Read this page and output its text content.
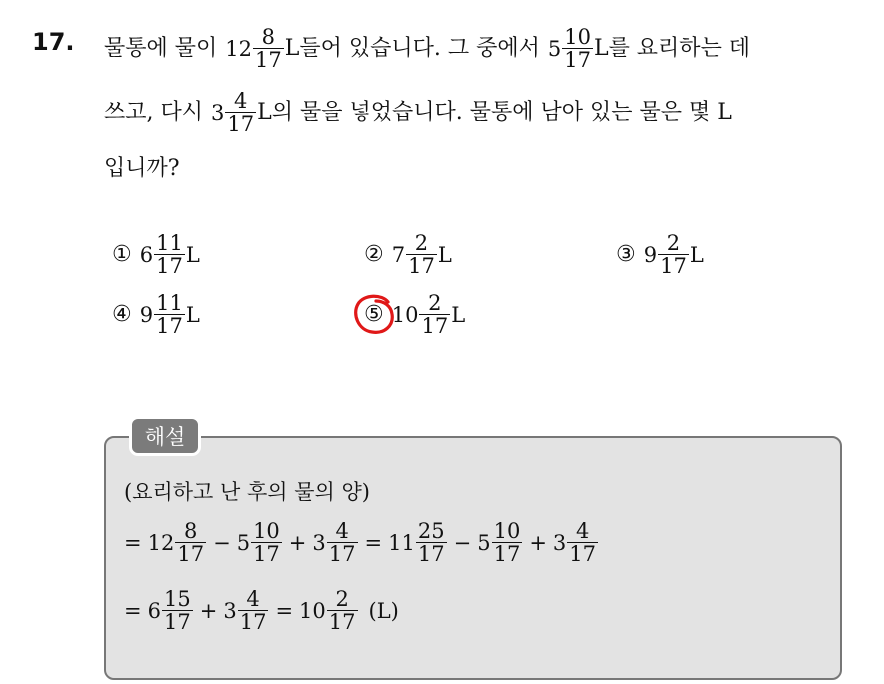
17. 물통에 물이 $12 \frac{8}{17}$ L들어 있습니다. 그 중에서 $5 \frac{10}{17}$ L를 요리하는 데
쓰고, 다시 $3 \frac{4}{17}$ L의 물을 넣었습니다. 물통에 남아 있는 물은 몇 L
입니까?
① $6 \frac{11}{17}$ L	② $7 \frac{2}{17}$ L	③ $9 \frac{2}{17}$ L
④ $9 \frac{11}{17}$ L	⑤ $10 \frac{2}{17}$ L
해설
(요리하고 난 후의 물의 양)
= $12 \frac{8}{17} - 5 \frac{10}{17} + 3 \frac{4}{17} = 11 \frac{25}{17} - 5 \frac{10}{17} + 3 \frac{4}{17}$
= $6 \frac{15}{17} + 3 \frac{4}{17} = 10 \frac{2}{17} (L)$
